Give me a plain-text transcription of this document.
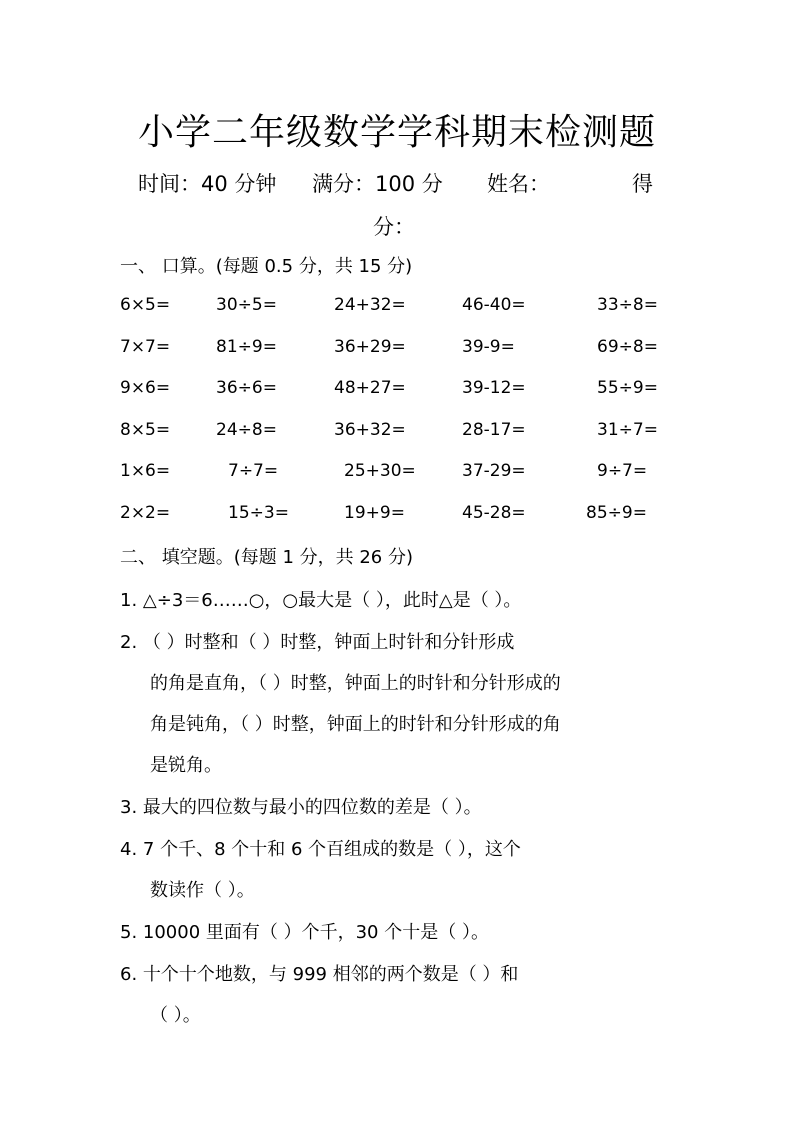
小学二年级数学学科期末检测题
时间：40 分钟 满分：100 分 姓名：	得
分：
一、 口算。(每题 0.5 分，共 15 分)
6×5=	30÷5=	24+32=	46-40=	33÷8=
7×7=	81÷9=	36+29=	39-9=	69÷8=
9×6=	36÷6=	48+27=	39-12=	55÷9=
8×5=	24÷8=	36+32=	28-17=	31÷7=
1×6=	7÷7=	25+30=	37-29=	9÷7=
2×2=	15÷3=	19+9=	45-28=	85÷9=
二、 填空题。(每题 1 分，共 26 分)
1. △÷3＝6……○，○最大是（ ），此时△是（ ）。
2. （ ）时整和（ ）时整，钟面上时针和分针形成
的角是直角，（ ）时整，钟面上的时针和分针形成的
角是钝角，（ ）时整，钟面上的时针和分针形成的角
是锐角。
3. 最大的四位数与最小的四位数的差是（ ）。
4. 7 个千、8 个十和 6 个百组成的数是（ ），这个
数读作（ ）。
5. 10000 里面有（ ）个千，30 个十是（ ）。
6. 十个十个地数，与 999 相邻的两个数是（ ）和
（ ）。
